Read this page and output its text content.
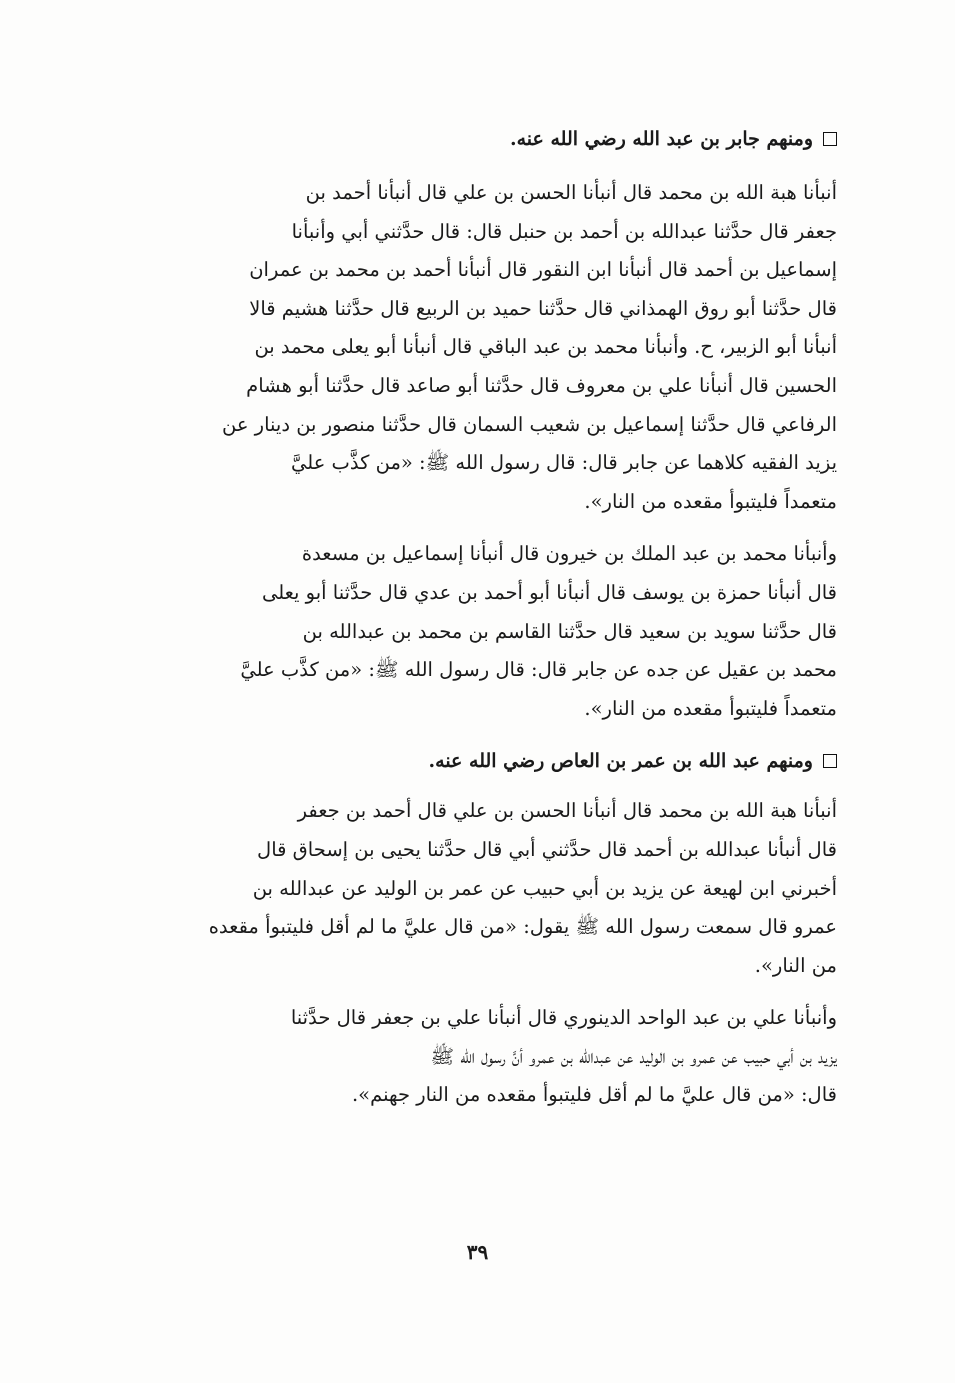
ومنهم جابر بن عبد الله رضي الله عنه.

أنبأنا هبة الله بن محمد قال أنبأنا الحسن بن علي قال أنبأنا أحمد بن
جعفر قال حدَّثنا عبدالله بن أحمد بن حنبل قال: قال حدَّثني أبي وأنبأنا
إسماعيل بن أحمد قال أنبأنا ابن النقور قال أنبأنا أحمد بن محمد بن عمران
قال حدَّثنا أبو روق الهمذاني قال حدَّثنا حميد بن الربيع قال حدَّثنا هشيم قالا
أنبأنا أبو الزبير، ح. وأنبأنا محمد بن عبد الباقي قال أنبأنا أبو يعلى محمد بن
الحسين قال أنبأنا علي بن معروف قال حدَّثنا أبو صاعد قال حدَّثنا أبو هشام
الرفاعي قال حدَّثنا إسماعيل بن شعيب السمان قال حدَّثنا منصور بن دينار عن
يزيد الفقيه كلاهما عن جابر قال: قال رسول الله ﷺ: «من كذَّب عليَّ
متعمداً فليتبوأ مقعده من النار».

وأنبأنا محمد بن عبد الملك بن خيرون قال أنبأنا إسماعيل بن مسعدة
قال أنبأنا حمزة بن يوسف قال أنبأنا أبو أحمد بن عدي قال حدَّثنا أبو يعلى
قال حدَّثنا سويد بن سعيد قال حدَّثنا القاسم بن محمد بن عبدالله بن
محمد بن عقيل عن جده عن جابر قال: قال رسول الله ﷺ: «من كذَّب عليَّ
متعمداً فليتبوأ مقعده من النار».

ومنهم عبد الله بن عمر بن العاص رضي الله عنه.

أنبأنا هبة الله بن محمد قال أنبأنا الحسن بن علي قال أحمد بن جعفر
قال أنبأنا عبدالله بن أحمد قال حدَّثني أبي قال حدَّثنا يحيى بن إسحاق قال
أخبرني ابن لهيعة عن يزيد بن أبي حبيب عن عمر بن الوليد عن عبدالله بن
عمرو قال سمعت رسول الله ﷺ يقول: «من قال عليَّ ما لم أقل فليتبوأ مقعده
من النار».

وأنبأنا علي بن عبد الواحد الدينوري قال أنبأنا علي بن جعفر قال حدَّثنا
يزيد بن أبي حبيب عن عمرو بن الوليد عن عبدالله بن عمرو أنَّ رسول الله ﷺ
قال: «من قال عليَّ ما لم أقل فليتبوأ مقعده من النار جهنم».

٣٩
